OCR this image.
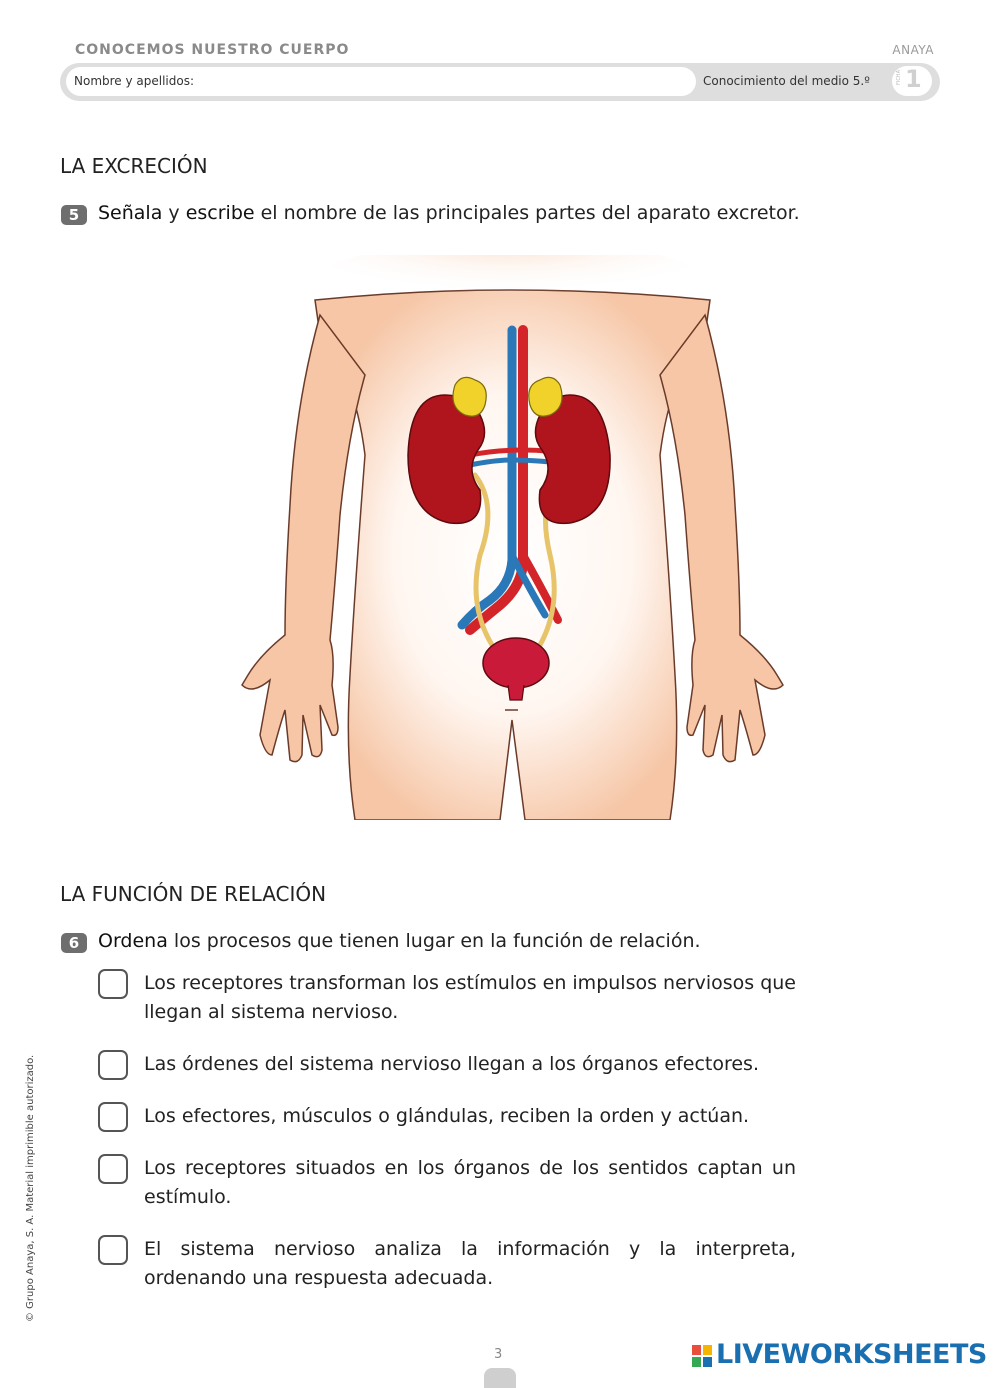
CONOCEMOS NUESTRO CUERPO	ANAYA
Nombre y apellidos:	Conocimiento del medio 5.º	FICHA 1
LA EXCRECIÓN
5 Señala y escribe el nombre de las principales partes del aparato excretor.
LA FUNCIÓN DE RELACIÓN
6 Ordena los procesos que tienen lugar en la función de relación.
Los receptores transforman los estímulos en impulsos nerviosos que llegan al sistema nervioso.
Las órdenes del sistema nervioso llegan a los órganos efectores.
Los efectores, músculos o glándulas, reciben la orden y actúan.
Los receptores situados en los órganos de los sentidos captan un estímulo.
El sistema nervioso analiza la información y la interpreta, ordenando una respuesta adecuada.
© Grupo Anaya, S. A. Material imprimible autorizado.
3	LIVEWORKSHEETS
